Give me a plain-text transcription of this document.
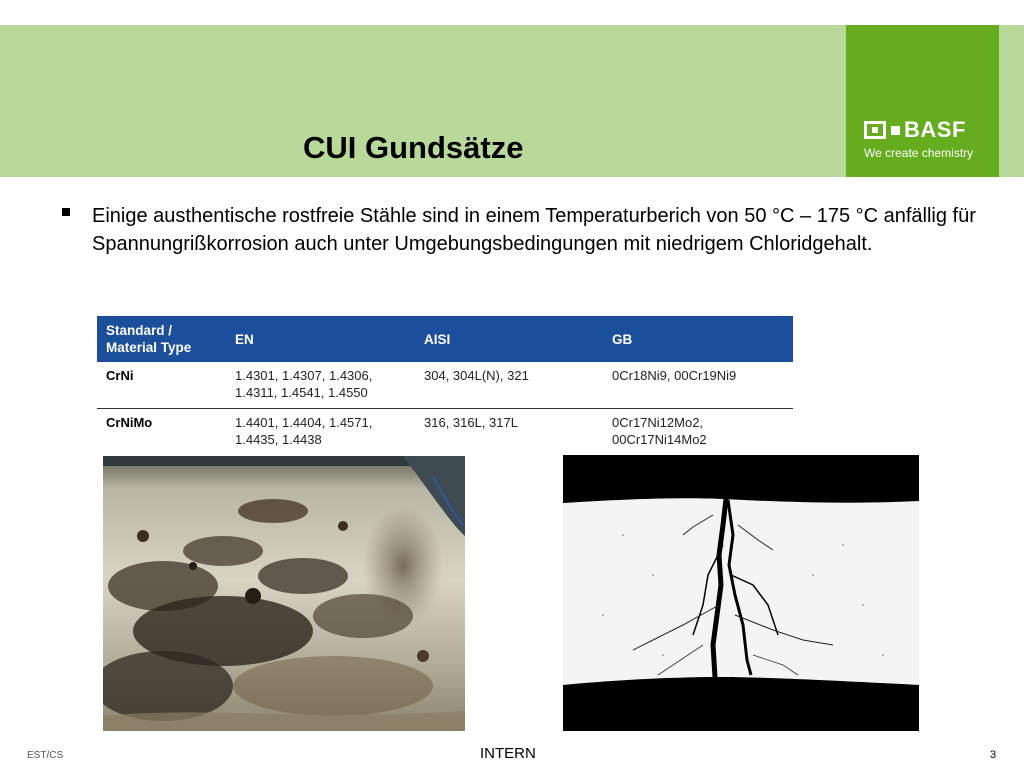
BASF
We create chemistry
CUI Gundsätze

Einige austhentische rostfreie Stähle sind in einem Temperaturberich von 50 °C – 175 °C anfällig für Spannungrißkorrosion auch unter Umgebungsbedingungen mit niedrigem Chloridgehalt.

Standard / Material Type	EN	AISI	GB
CrNi	1.4301, 1.4307, 1.4306, 1.4311, 1.4541, 1.4550	304, 304L(N), 321	0Cr18Ni9, 00Cr19Ni9
CrNiMo	1.4401, 1.4404, 1.4571, 1.4435, 1.4438	316, 316L, 317L	0Cr17Ni12Mo2, 00Cr17Ni14Mo2
EST/CS	INTERN	3
